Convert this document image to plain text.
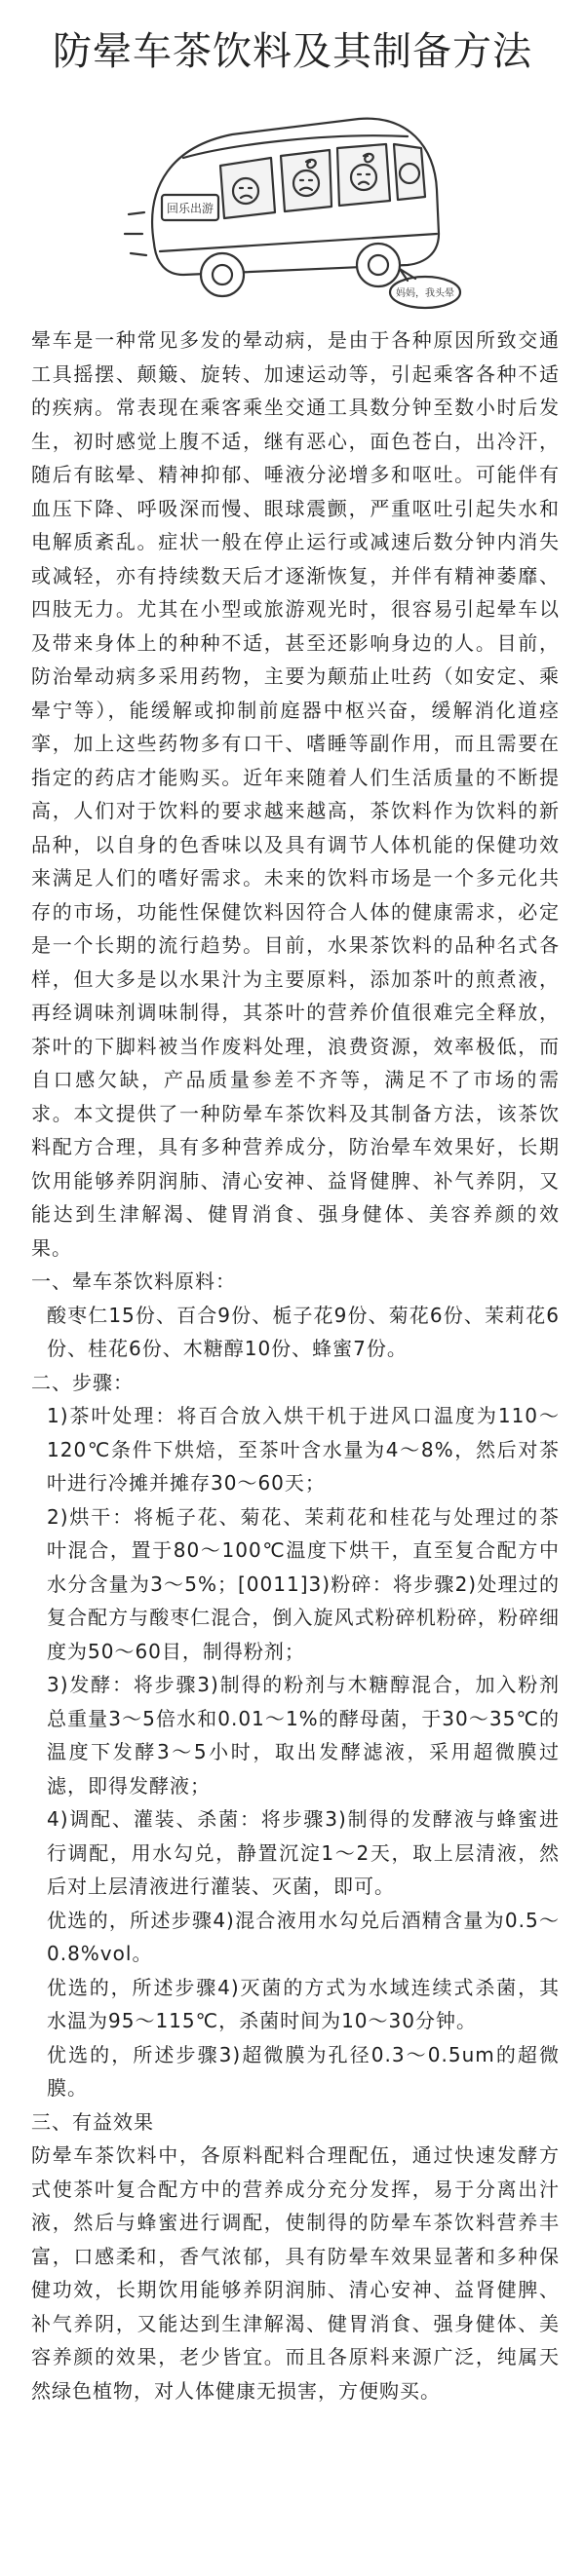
防晕车茶饮料及其制备方法
回乐出游
妈妈，我头晕

晕车是一种常见多发的晕动病，是由于各种原因所致交通工具摇摆、颠簸、旋转、加速运动等，引起乘客各种不适的疾病。常表现在乘客乘坐交通工具数分钟至数小时后发生，初时感觉上腹不适，继有恶心，面色苍白，出冷汗，随后有眩晕、精神抑郁、唾液分泌增多和呕吐。可能伴有血压下降、呼吸深而慢、眼球震颤，严重呕吐引起失水和电解质紊乱。症状一般在停止运行或减速后数分钟内消失或减轻，亦有持续数天后才逐渐恢复，并伴有精神萎靡、四肢无力。尤其在小型或旅游观光时，很容易引起晕车以及带来身体上的种种不适，甚至还影响身边的人。目前，防治晕动病多采用药物，主要为颠茄止吐药（如安定、乘晕宁等），能缓解或抑制前庭器中枢兴奋，缓解消化道痉挛，加上这些药物多有口干、嗜睡等副作用，而且需要在指定的药店才能购买。近年来随着人们生活质量的不断提高，人们对于饮料的要求越来越高，茶饮料作为饮料的新品种，以自身的色香味以及具有调节人体机能的保健功效来满足人们的嗜好需求。未来的饮料市场是一个多元化共存的市场，功能性保健饮料因符合人体的健康需求，必定是一个长期的流行趋势。目前，水果茶饮料的品种名式各样，但大多是以水果汁为主要原料，添加茶叶的煎煮液，再经调味剂调味制得，其茶叶的营养价值很难完全释放，茶叶的下脚料被当作废料处理，浪费资源，效率极低，而自口感欠缺，产品质量参差不齐等，满足不了市场的需求。本文提供了一种防晕车茶饮料及其制备方法，该茶饮料配方合理，具有多种营养成分，防治晕车效果好，长期饮用能够养阴润肺、清心安神、益肾健脾、补气养阴，又能达到生津解渴、健胃消食、强身健体、美容养颜的效果。

一、晕车茶饮料原料：

酸枣仁15份、百合9份、栀子花9份、菊花6份、茉莉花6份、桂花6份、木糖醇10份、蜂蜜7份。

二、步骤：

1)茶叶处理：将百合放入烘干机于进风口温度为110～120℃条件下烘焙，至茶叶含水量为4～8%，然后对茶叶进行冷摊并摊存30～60天；

2)烘干：将栀子花、菊花、茉莉花和桂花与处理过的茶叶混合，置于80～100℃温度下烘干，直至复合配方中水分含量为3～5%；[0011]3)粉碎：将步骤2)处理过的复合配方与酸枣仁混合，倒入旋风式粉碎机粉碎，粉碎细度为50～60目，制得粉剂；

3)发酵：将步骤3)制得的粉剂与木糖醇混合，加入粉剂总重量3～5倍水和0.01～1%的酵母菌，于30～35℃的温度下发酵3～5小时，取出发酵滤液，采用超微膜过滤，即得发酵液；

4)调配、灌装、杀菌：将步骤3)制得的发酵液与蜂蜜进行调配，用水勾兑，静置沉淀1～2天，取上层清液，然后对上层清液进行灌装、灭菌，即可。

优选的，所述步骤4)混合液用水勾兑后酒精含量为0.5～0.8%vol。

优选的，所述步骤4)灭菌的方式为水域连续式杀菌，其水温为95～115℃，杀菌时间为10～30分钟。

优选的，所述步骤3)超微膜为孔径0.3～0.5um的超微膜。

三、有益效果

防晕车茶饮料中，各原料配料合理配伍，通过快速发酵方式使茶叶复合配方中的营养成分充分发挥，易于分离出汁液，然后与蜂蜜进行调配，使制得的防晕车茶饮料营养丰富，口感柔和，香气浓郁，具有防晕车效果显著和多种保健功效，长期饮用能够养阴润肺、清心安神、益肾健脾、补气养阴，又能达到生津解渴、健胃消食、强身健体、美容养颜的效果，老少皆宜。而且各原料来源广泛，纯属天然绿色植物，对人体健康无损害，方便购买。
